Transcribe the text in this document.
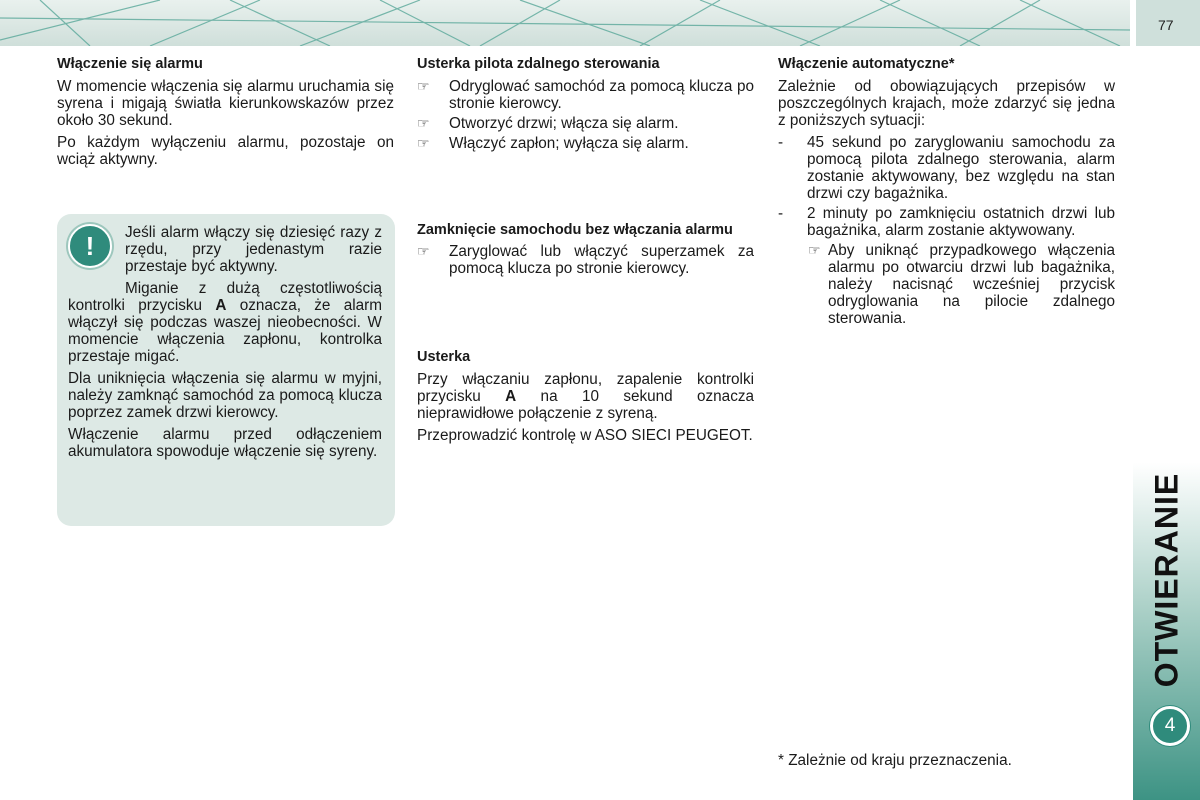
77
OTWIERANIE
4

Włączenie się alarmu

W momencie włączenia się alarmu uruchamia się syrena i migają światła kierunkowskazów przez około 30 sekund.

Po każdym wyłączeniu alarmu, pozostaje on wciąż aktywny.

Jeśli alarm włączy się dziesięć razy z rzędu, przy jedenastym razie przestaje być aktywny.

Miganie z dużą częstotliwością kontrolki przycisku A oznacza, że alarm włączył się podczas waszej nieobecności. W momencie włączenia zapłonu, kontrolka przestaje migać.

Dla uniknięcia włączenia się alarmu w myjni, należy zamknąć samochód za pomocą klucza poprzez zamek drzwi kierowcy.

Włączenie alarmu przed odłączeniem akumulatora spowoduje włączenie się syreny.

!

Usterka pilota zdalnego sterowania

☞ Odryglować samochód za pomocą klucza po stronie kierowcy.
☞ Otworzyć drzwi; włącza się alarm.
☞ Włączyć zapłon; wyłącza się alarm.

Zamknięcie samochodu bez włączania alarmu

☞ Zaryglować lub włączyć superzamek za pomocą klucza po stronie kierowcy.

Usterka

Przy włączaniu zapłonu, zapalenie kontrolki przycisku A na 10 sekund oznacza nieprawidłowe połączenie z syreną.

Przeprowadzić kontrolę w ASO SIECI PEUGEOT.

Włączenie automatyczne*

Zależnie od obowiązujących przepisów w poszczególnych krajach, może zdarzyć się jedna z poniższych sytuacji:

- 45 sekund po zaryglowaniu samochodu za pomocą pilota zdalnego sterowania, alarm zostanie aktywowany, bez względu na stan drzwi czy bagażnika.
- 2 minuty po zamknięciu ostatnich drzwi lub bagażnika, alarm zostanie aktywowany.
☞ Aby uniknąć przypadkowego włączenia alarmu po otwarciu drzwi lub bagażnika, należy nacisnąć wcześniej przycisk odryglowania na pilocie zdalnego sterowania.
* Zależnie od kraju przeznaczenia.
